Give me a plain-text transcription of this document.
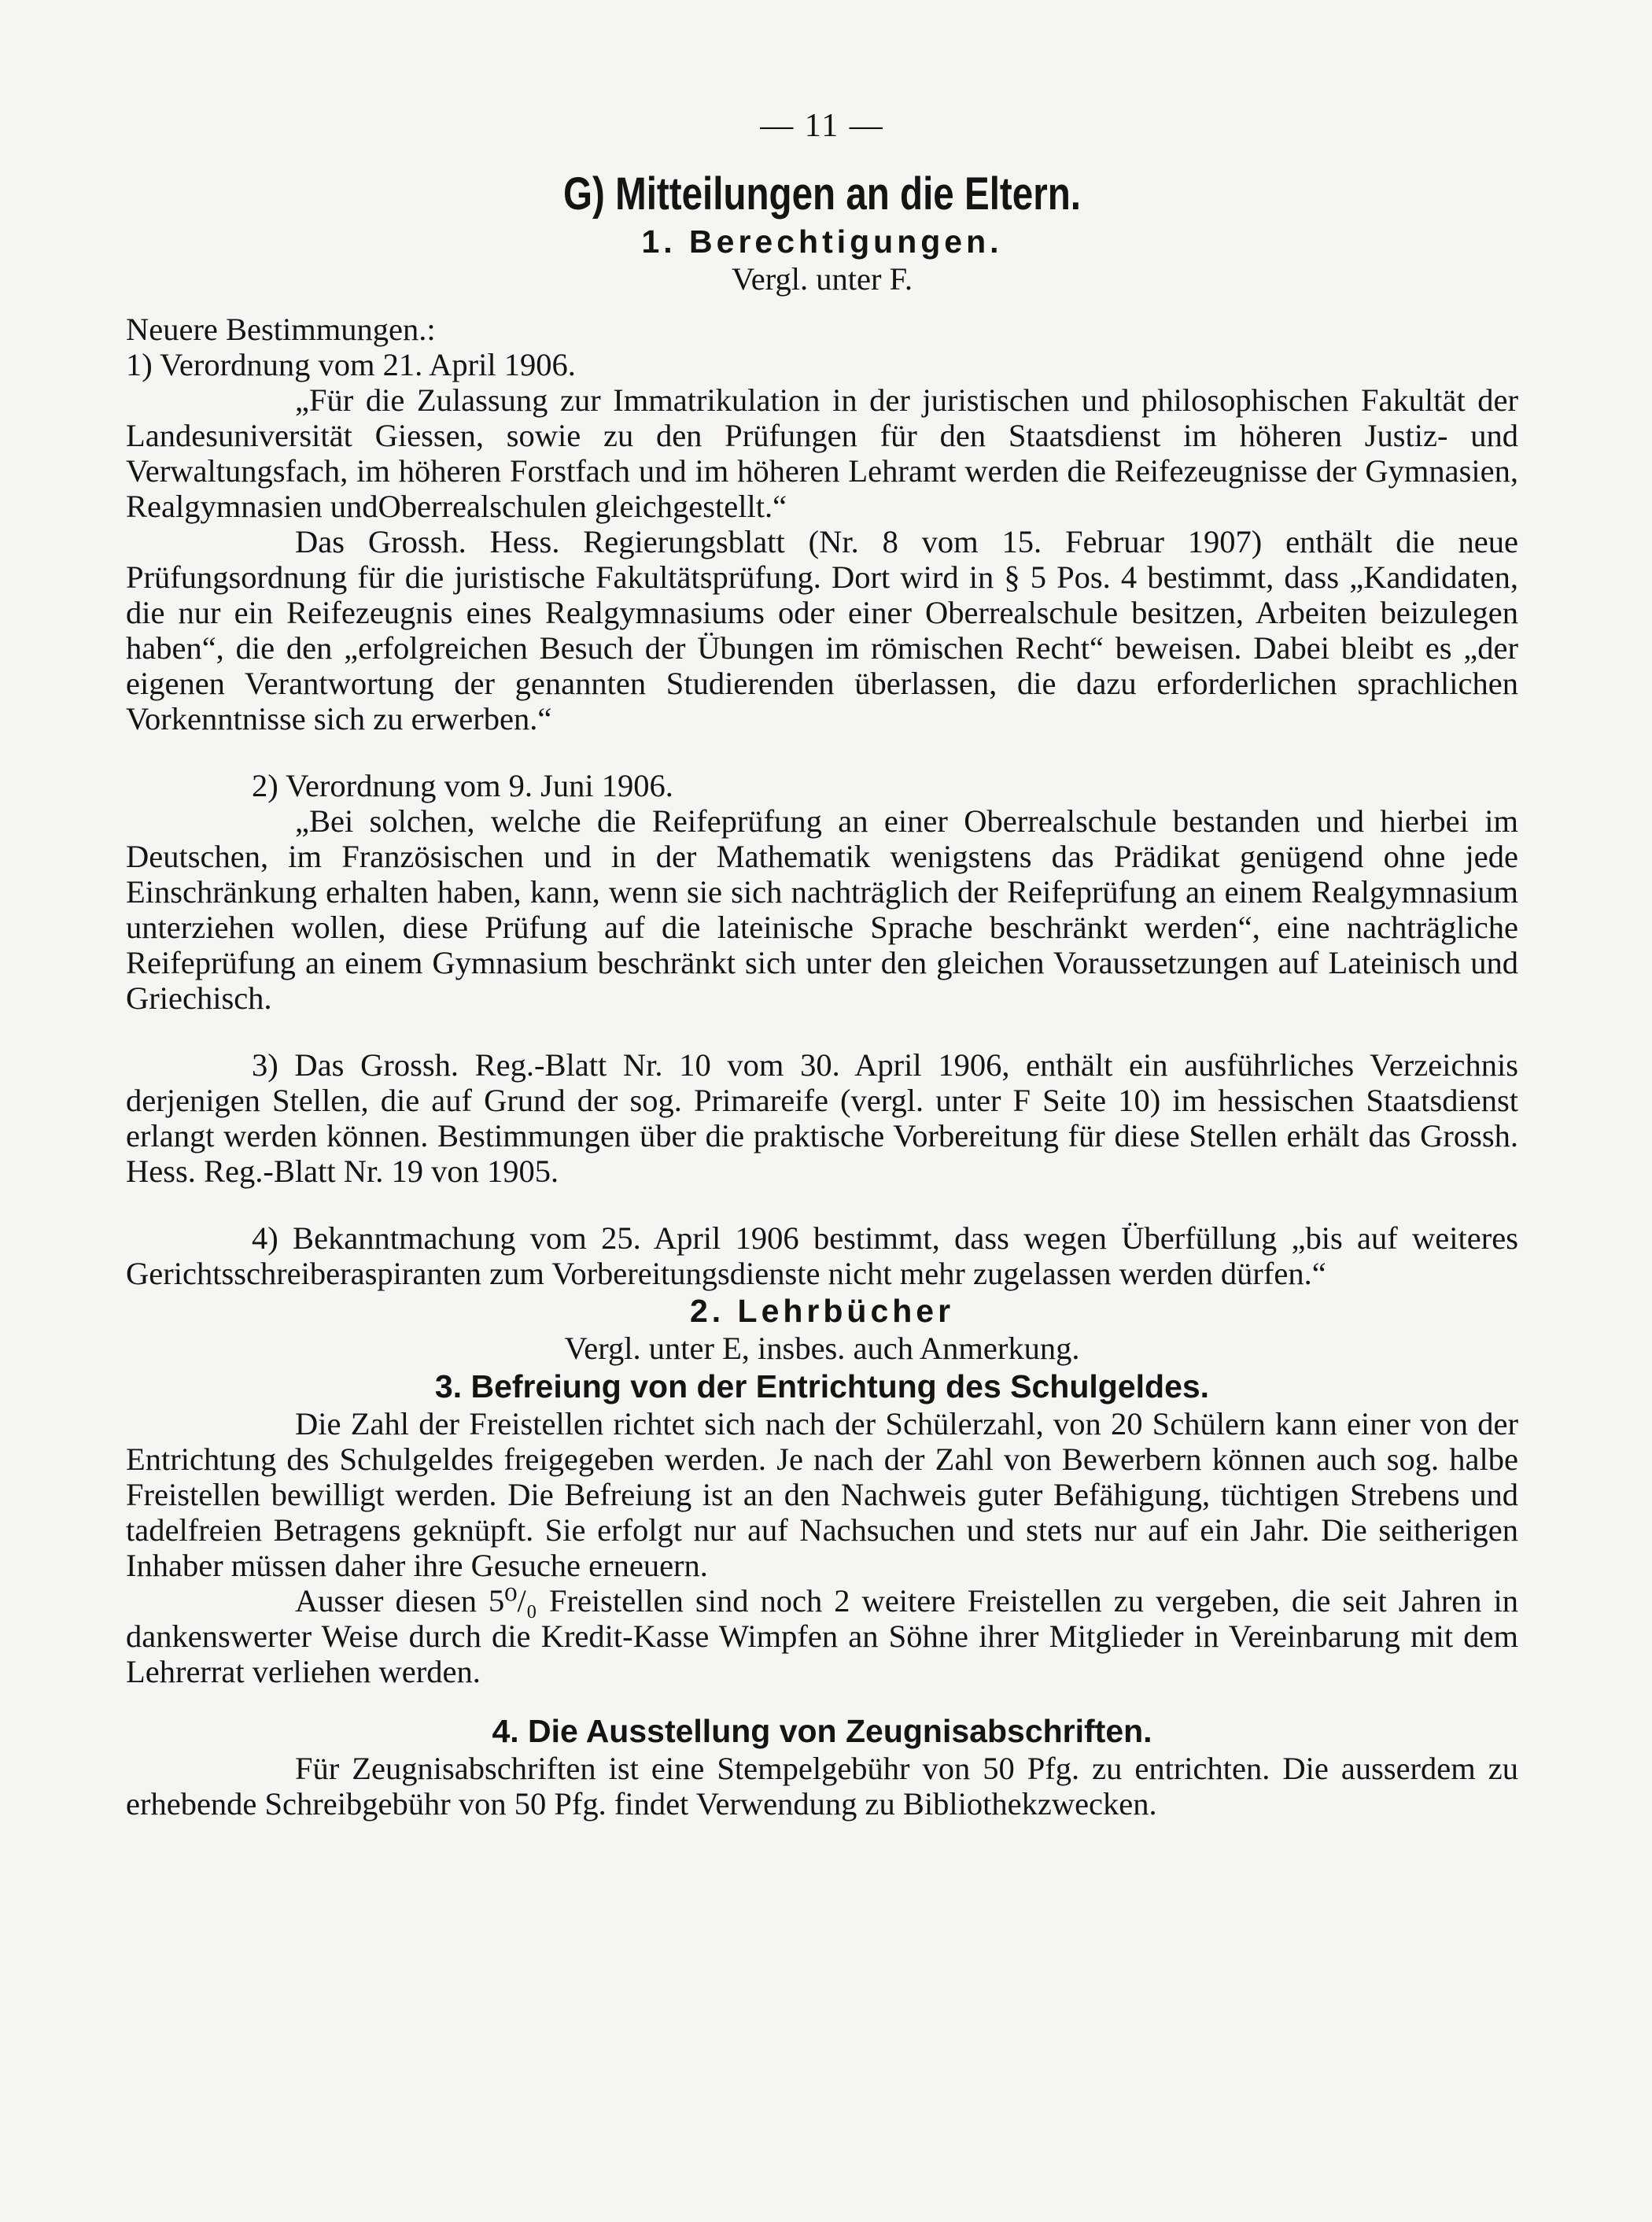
— 11 —
G) Mitteilungen an die Eltern.
1. Berechtigungen.
Vergl. unter F.

Neuere Bestimmungen.:

1) Verordnung vom 21. April 1906.

„Für die Zulassung zur Immatrikulation in der juristischen und philosophischen Fakultät der Landesuniversität Giessen, sowie zu den Prüfungen für den Staatsdienst im höheren Justiz- und Verwaltungsfach, im höheren Forstfach und im höheren Lehramt werden die Reifezeugnisse der Gymnasien, Realgymnasien undOberrealschulen gleichgestellt.“

Das Grossh. Hess. Regierungsblatt (Nr. 8 vom 15. Februar 1907) enthält die neue Prüfungsordnung für die juristische Fakultätsprüfung. Dort wird in § 5 Pos. 4 bestimmt, dass „Kandidaten, die nur ein Reifezeugnis eines Realgymnasiums oder einer Oberrealschule besitzen, Arbeiten beizulegen haben“, die den „erfolgreichen Besuch der Übungen im römischen Recht“ beweisen. Dabei bleibt es „der eigenen Verantwortung der genannten Studierenden überlassen, die dazu erforderlichen sprachlichen Vorkenntnisse sich zu erwerben.“

2) Verordnung vom 9. Juni 1906.

„Bei solchen, welche die Reifeprüfung an einer Oberrealschule bestanden und hierbei im Deutschen, im Französischen und in der Mathematik wenigstens das Prädikat genügend ohne jede Einschränkung erhalten haben, kann, wenn sie sich nachträglich der Reifeprüfung an einem Realgymnasium unterziehen wollen, diese Prüfung auf die lateinische Sprache beschränkt werden“, eine nachträgliche Reifeprüfung an einem Gymnasium beschränkt sich unter den gleichen Voraussetzungen auf Lateinisch und Griechisch.

3) Das Grossh. Reg.-Blatt Nr. 10 vom 30. April 1906, enthält ein ausführliches Verzeichnis derjenigen Stellen, die auf Grund der sog. Primareife (vergl. unter F Seite 10) im hessischen Staatsdienst erlangt werden können. Bestimmungen über die praktische Vorbereitung für diese Stellen erhält das Grossh. Hess. Reg.-Blatt Nr. 19 von 1905.

4) Bekanntmachung vom 25. April 1906 bestimmt, dass wegen Überfüllung „bis auf weiteres Gerichtsschreiberaspiranten zum Vorbereitungsdienste nicht mehr zugelassen werden dürfen.“

2. Lehrbücher
Vergl. unter E, insbes. auch Anmerkung.
3. Befreiung von der Entrichtung des Schulgeldes.

Die Zahl der Freistellen richtet sich nach der Schülerzahl, von 20 Schülern kann einer von der Entrichtung des Schulgeldes freigegeben werden. Je nach der Zahl von Bewerbern können auch sog. halbe Freistellen bewilligt werden. Die Befreiung ist an den Nachweis guter Befähigung, tüchtigen Strebens und tadelfreien Betragens geknüpft. Sie erfolgt nur auf Nachsuchen und stets nur auf ein Jahr. Die seitherigen Inhaber müssen daher ihre Gesuche erneuern.

Ausser diesen 5⁰/₀ Freistellen sind noch 2 weitere Freistellen zu vergeben, die seit Jahren in dankenswerter Weise durch die Kredit-Kasse Wimpfen an Söhne ihrer Mitglieder in Vereinbarung mit dem Lehrerrat verliehen werden.

4. Die Ausstellung von Zeugnisabschriften.

Für Zeugnisabschriften ist eine Stempelgebühr von 50 Pfg. zu entrichten. Die ausserdem zu erhebende Schreibgebühr von 50 Pfg. findet Verwendung zu Bibliothekzwecken.
